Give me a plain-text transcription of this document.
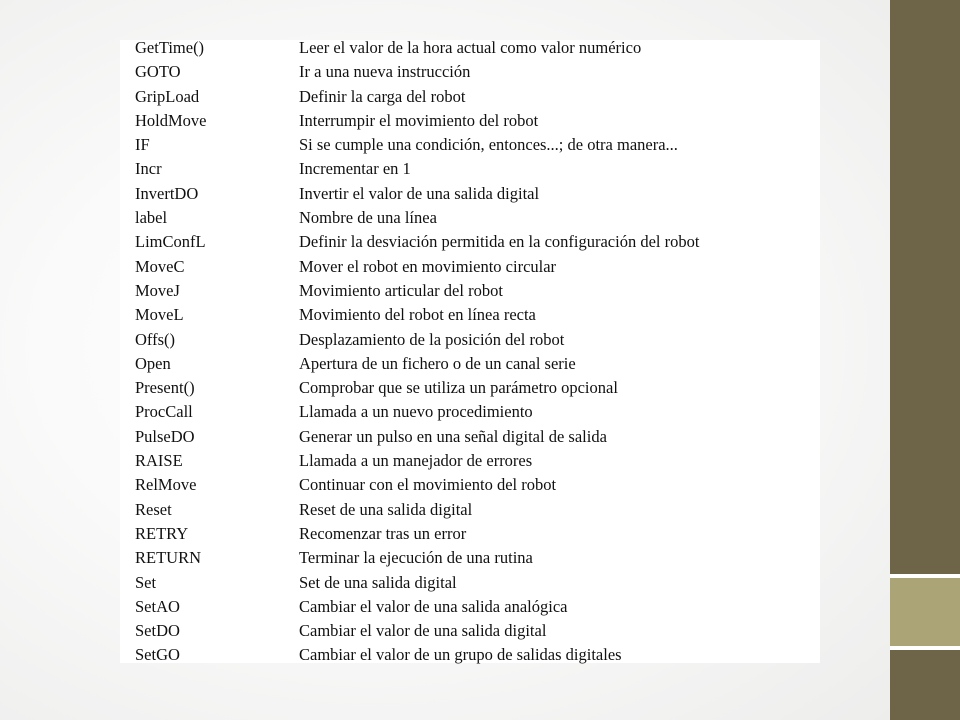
GetTime()	Leer el valor de la hora actual como valor numérico
GOTO	Ir a una nueva instrucción
GripLoad	Definir la carga del robot
HoldMove	Interrumpir el movimiento del robot
IF	Si se cumple una condición, entonces...; de otra manera...
Incr	Incrementar en 1
InvertDO	Invertir el valor de una salida digital
label	Nombre de una línea
LimConfL	Definir la desviación permitida en la configuración del robot
MoveC	Mover el robot en movimiento circular
MoveJ	Movimiento articular del robot
MoveL	Movimiento del robot en línea recta
Offs()	Desplazamiento de la posición del robot
Open	Apertura de un fichero o de un canal serie
Present()	Comprobar que se utiliza un parámetro opcional
ProcCall	Llamada a un nuevo procedimiento
PulseDO	Generar un pulso en una señal digital de salida
RAISE	Llamada a un manejador de errores
RelMove	Continuar con el movimiento del robot
Reset	Reset de una salida digital
RETRY	Recomenzar tras un error
RETURN	Terminar la ejecución de una rutina
Set	Set de una salida digital
SetAO	Cambiar el valor de una salida analógica
SetDO	Cambiar el valor de una salida digital
SetGO	Cambiar el valor de un grupo de salidas digitales
